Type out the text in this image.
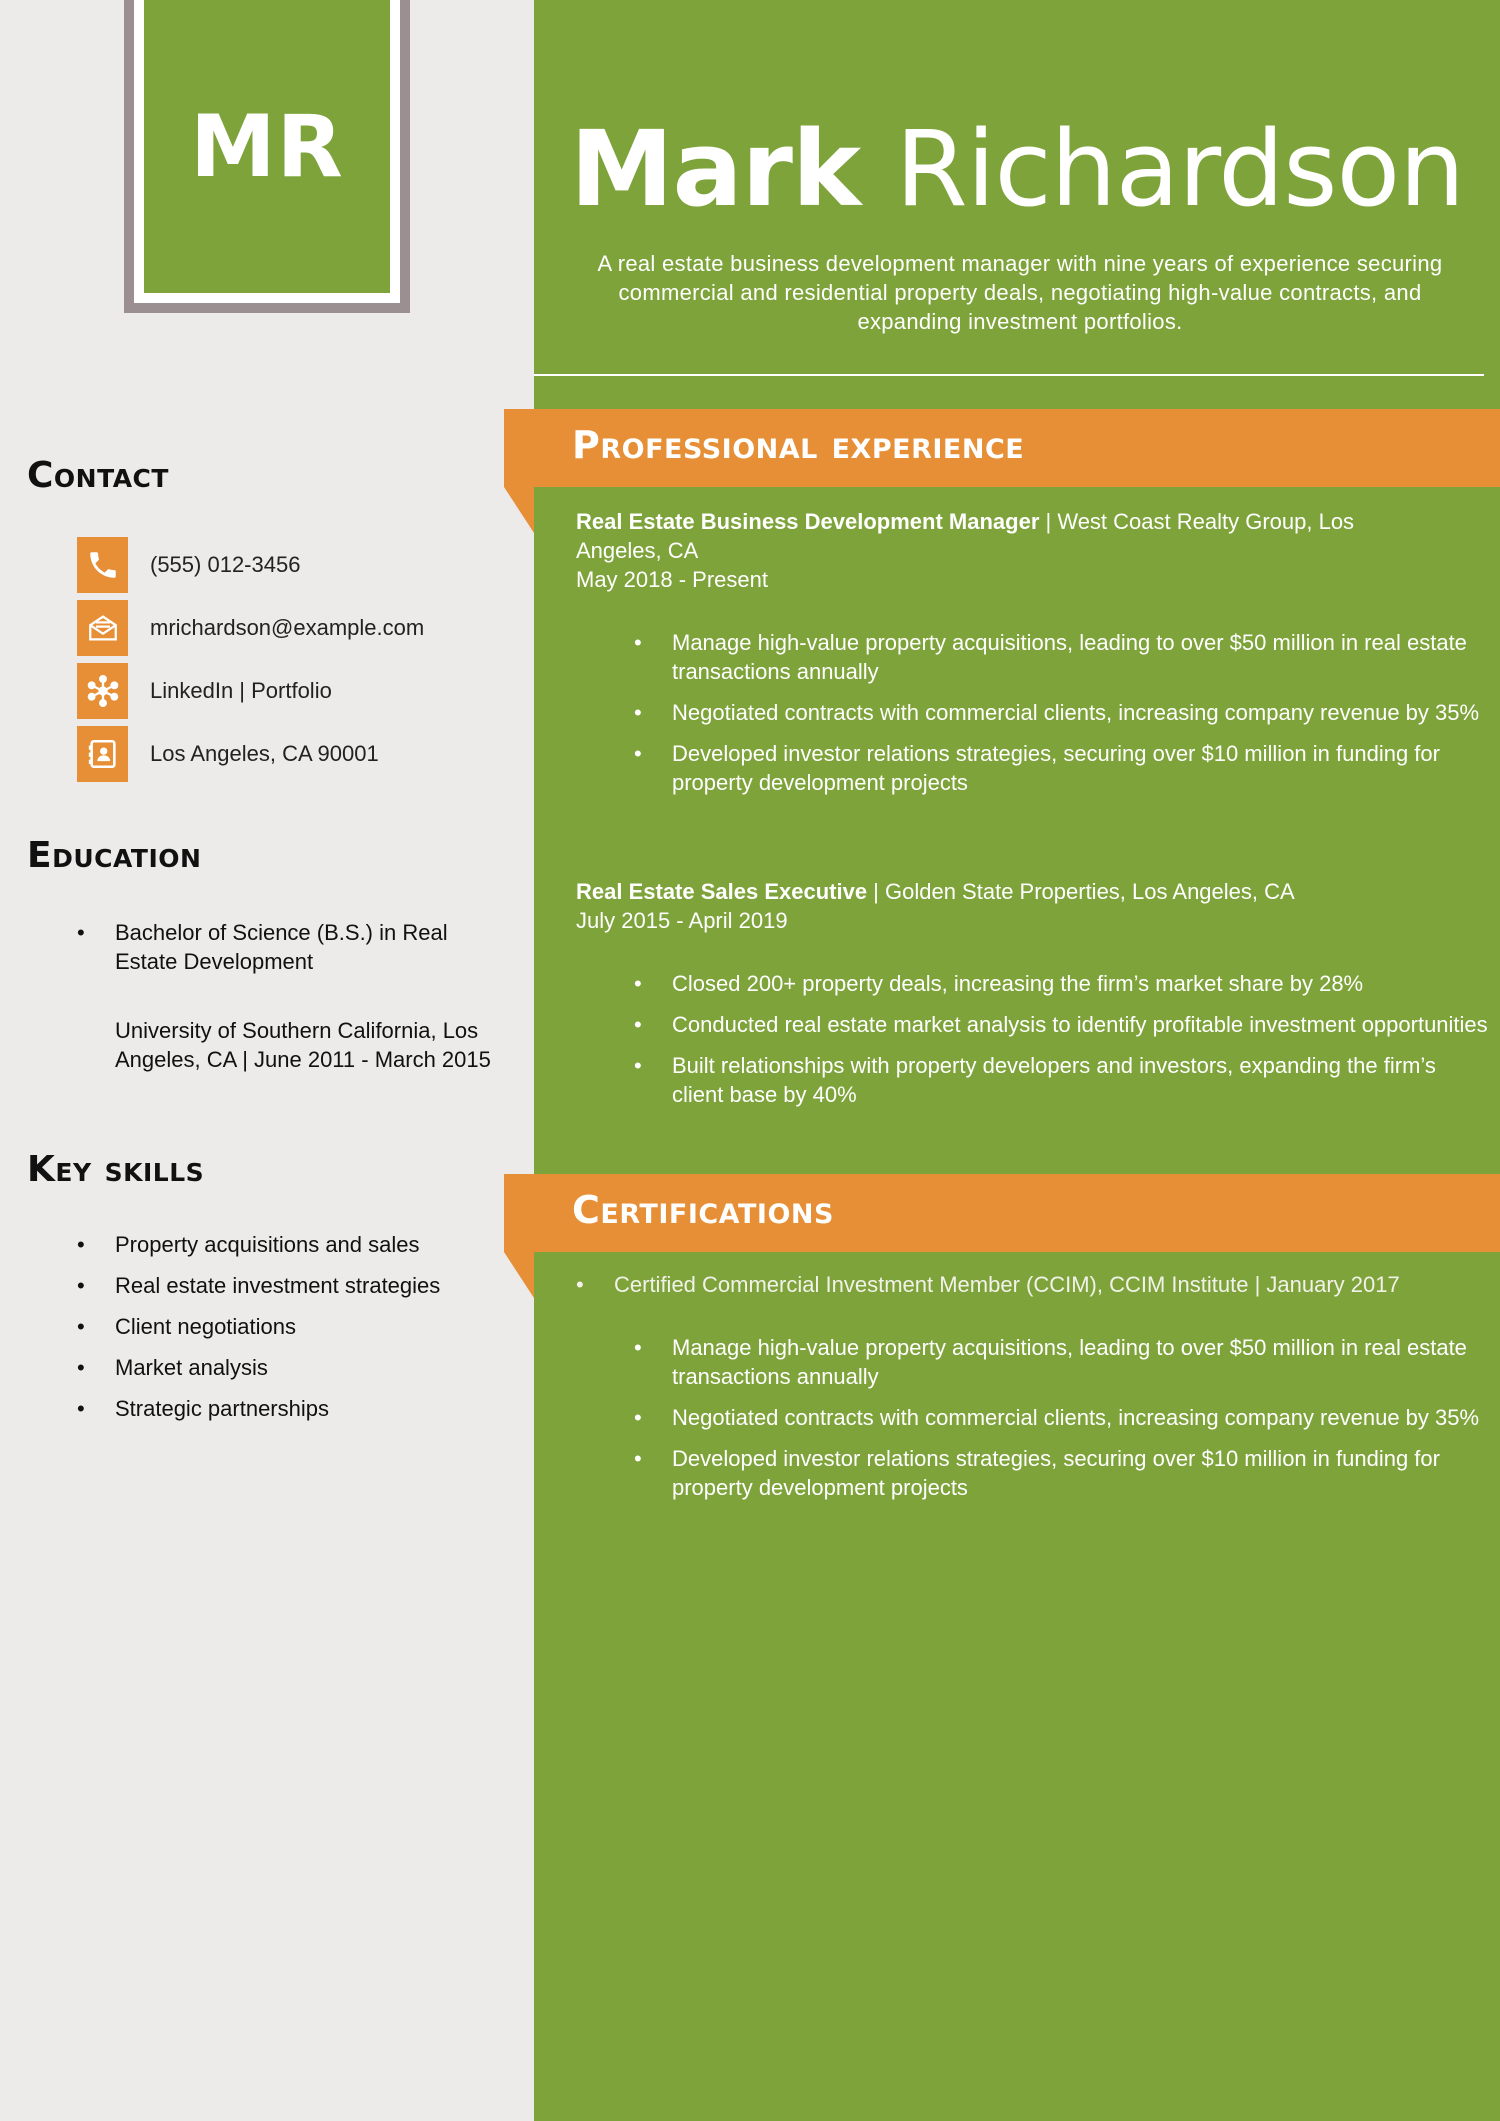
MR
Contact
(555) 012-3456
mrichardson@example.com
LinkedIn | Portfolio
Los Angeles, CA 90001
Education
• Bachelor of Science (B.S.) in Real Estate Development
University of Southern California, Los Angeles, CA | June 2011 - March 2015
Key skills
• Property acquisitions and sales
• Real estate investment strategies
• Client negotiations
• Market analysis
• Strategic partnerships
Mark Richardson

A real estate business development manager with nine years of experience securing commercial and residential property deals, negotiating high-value contracts, and expanding investment portfolios.

Professional experience
Real Estate Business Development Manager | West Coast Realty Group, Los Angeles, CA
May 2018 - Present
• Manage high-value property acquisitions, leading to over $50 million in real estate transactions annually
• Negotiated contracts with commercial clients, increasing company revenue by 35%
• Developed investor relations strategies, securing over $10 million in funding for property development projects
Real Estate Sales Executive | Golden State Properties, Los Angeles, CA
July 2015 - April 2019
• Closed 200+ property deals, increasing the firm’s market share by 28%
• Conducted real estate market analysis to identify profitable investment opportunities
• Built relationships with property developers and investors, expanding the firm’s client base by 40%
Certifications
• Certified Commercial Investment Member (CCIM), CCIM Institute | January 2017
• Manage high-value property acquisitions, leading to over $50 million in real estate transactions annually
• Negotiated contracts with commercial clients, increasing company revenue by 35%
• Developed investor relations strategies, securing over $10 million in funding for property development projects
